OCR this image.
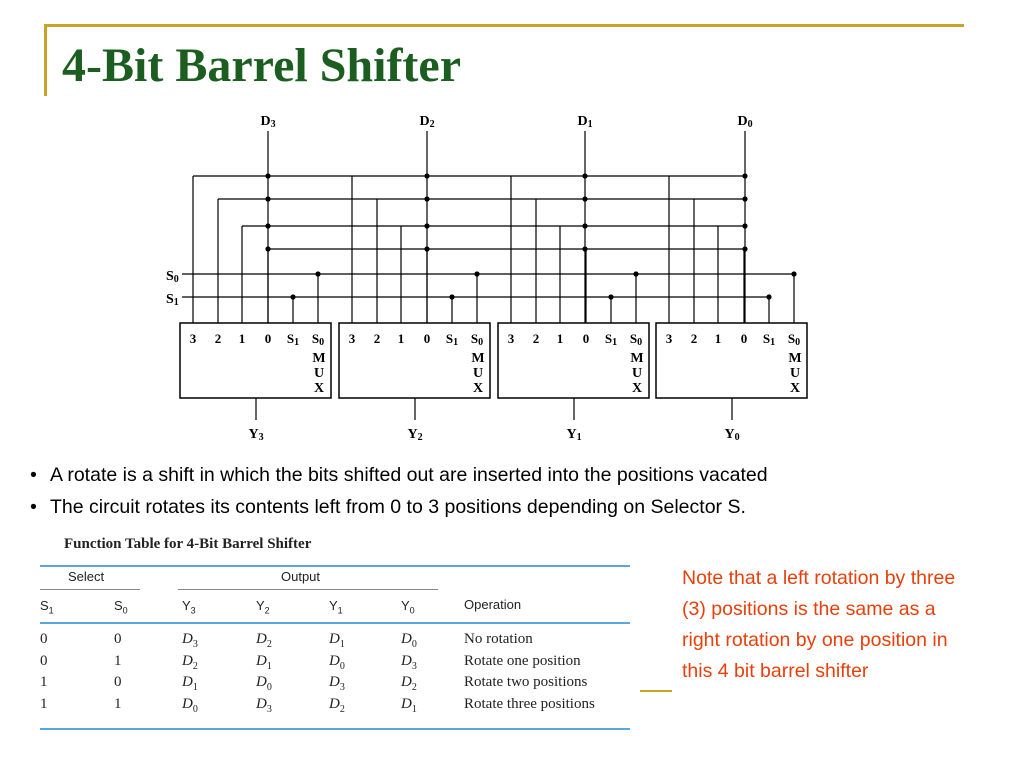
4-Bit Barrel Shifter
D3	D2	D1	D0
S0
S1
3 2 1 0 S1 S0
M
U
X
Y3
3 2 1 0 S1 S0
M
U
X
Y2
3 2 1 0 S1 S0
M
U
X
Y1
3 2 1 0 S1 S0
M
U
X
Y0
• A rotate is a shift in which the bits shifted out are inserted into the positions vacated
• The circuit rotates its contents left from 0 to 3 positions depending on Selector S.
Function Table for 4-Bit Barrel Shifter
Select	Output
$S_1$	$S_0$	$Y_3$	$Y_2$	$Y_1$	$Y_0$	Operation
0	0	$D_3$	$D_2$	$D_1$	$D_0$	No rotation
0	1	$D_2$	$D_1$	$D_0$	$D_3$	Rotate one position
1	0	$D_1$	$D_0$	$D_3$	$D_2$	Rotate two positions
1	1	$D_0$	$D_3$	$D_2$	$D_1$	Rotate three positions

Note that a left rotation by three (3) positions is the same as a right rotation by one position in this 4 bit barrel shifter
